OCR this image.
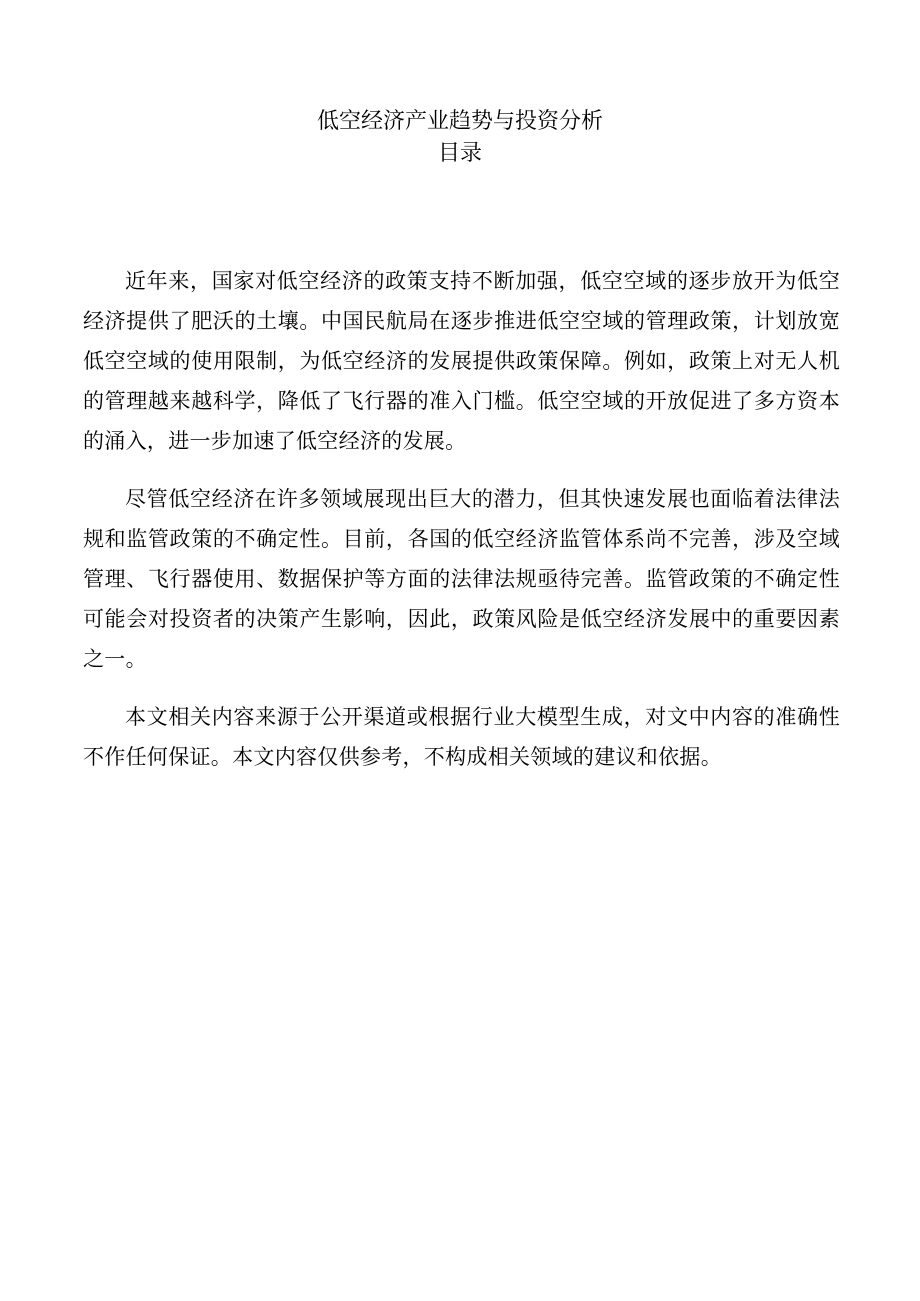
低空经济产业趋势与投资分析
目录

近年来，国家对低空经济的政策支持不断加强，低空空域的逐步放开为低空经济提供了肥沃的土壤。中国民航局在逐步推进低空空域的管理政策，计划放宽低空空域的使用限制，为低空经济的发展提供政策保障。例如，政策上对无人机的管理越来越科学，降低了飞行器的准入门槛。低空空域的开放促进了多方资本的涌入，进一步加速了低空经济的发展。

尽管低空经济在许多领域展现出巨大的潜力，但其快速发展也面临着法律法规和监管政策的不确定性。目前，各国的低空经济监管体系尚不完善，涉及空域管理、飞行器使用、数据保护等方面的法律法规亟待完善。监管政策的不确定性可能会对投资者的决策产生影响，因此，政策风险是低空经济发展中的重要因素之一。

本文相关内容来源于公开渠道或根据行业大模型生成，对文中内容的准确性不作任何保证。本文内容仅供参考，不构成相关领域的建议和依据。
